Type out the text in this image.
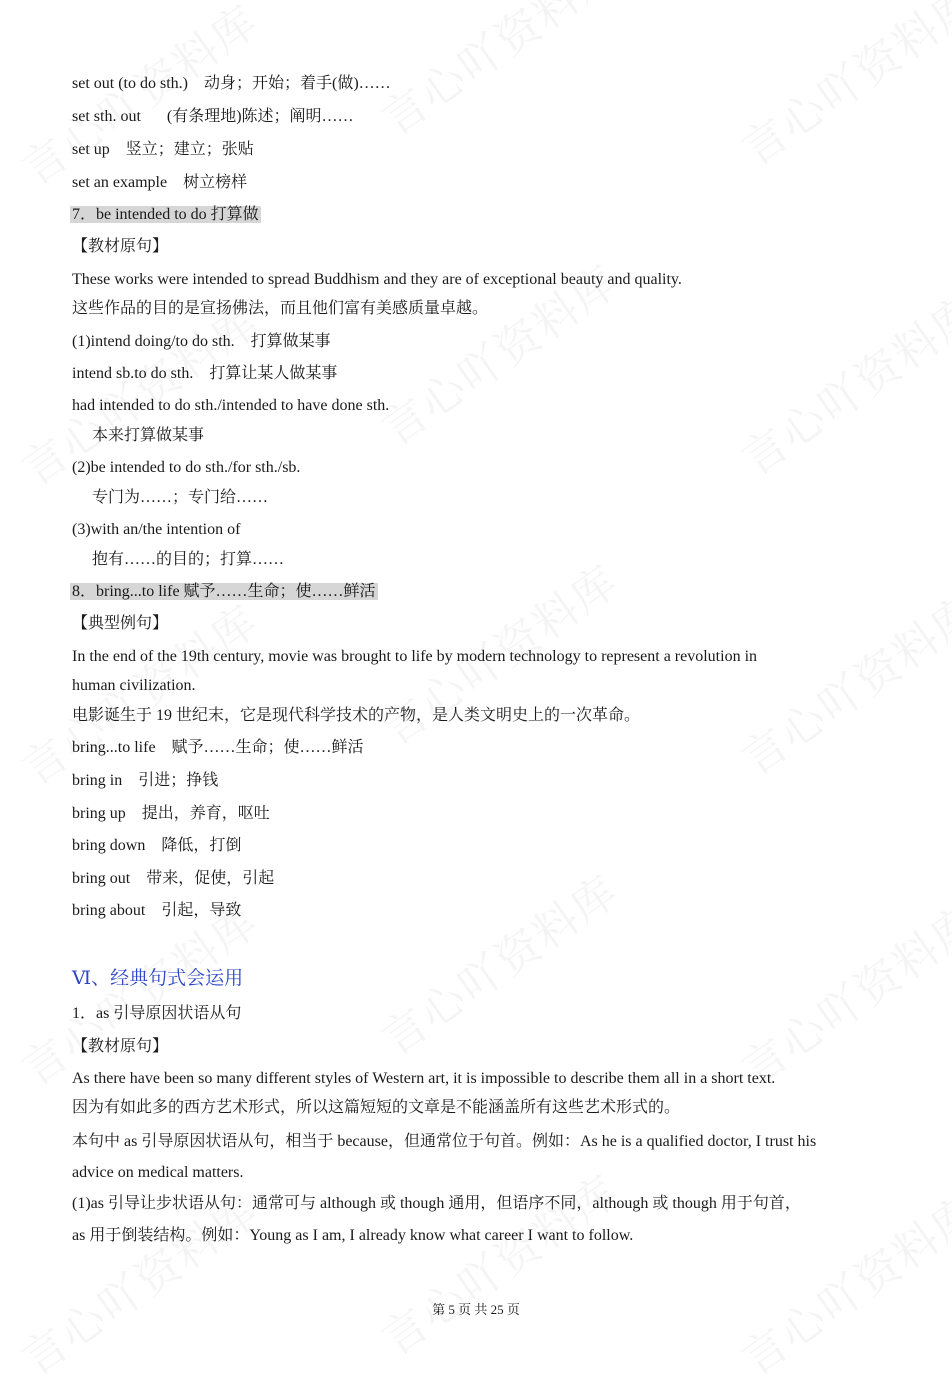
set out (to do sth.) 动身；开始；着手(做)……
set sth. out (有条理地)陈述；阐明……
set up 竖立；建立；张贴
set an example 树立榜样
7．be intended to do 打算做
【教材原句】
These works were intended to spread Buddhism and they are of exceptional beauty and quality.
这些作品的目的是宣扬佛法，而且他们富有美感质量卓越。
(1)intend doing/to do sth. 打算做某事
intend sb.to do sth. 打算让某人做某事
had intended to do sth./intended to have done sth.
本来打算做某事
(2)be intended to do sth./for sth./sb.
专门为……；专门给……
(3)with an/the intention of
抱有……的目的；打算……
8．bring...to life 赋予……生命；使……鲜活
【典型例句】
In the end of the 19th century, movie was brought to life by modern technology to represent a revolution in
human civilization.
电影诞生于 19 世纪末，它是现代科学技术的产物，是人类文明史上的一次革命。
bring...to life 赋予……生命；使……鲜活
bring in 引进；挣钱
bring up 提出，养育，呕吐
bring down 降低，打倒
bring out 带来，促使，引起
bring about 引起，导致
Ⅵ、经典句式会运用
1．as 引导原因状语从句
【教材原句】
As there have been so many different styles of Western art, it is impossible to describe them all in a short text.
因为有如此多的西方艺术形式，所以这篇短短的文章是不能涵盖所有这些艺术形式的。
本句中 as 引导原因状语从句，相当于 because，但通常位于句首。例如：As he is a qualified doctor, I trust his
advice on medical matters.
(1)as 引导让步状语从句：通常可与 although 或 though 通用，但语序不同，although 或 though 用于句首，
as 用于倒装结构。例如：Young as I am, I already know what career I want to follow.
第 5 页 共 25 页
